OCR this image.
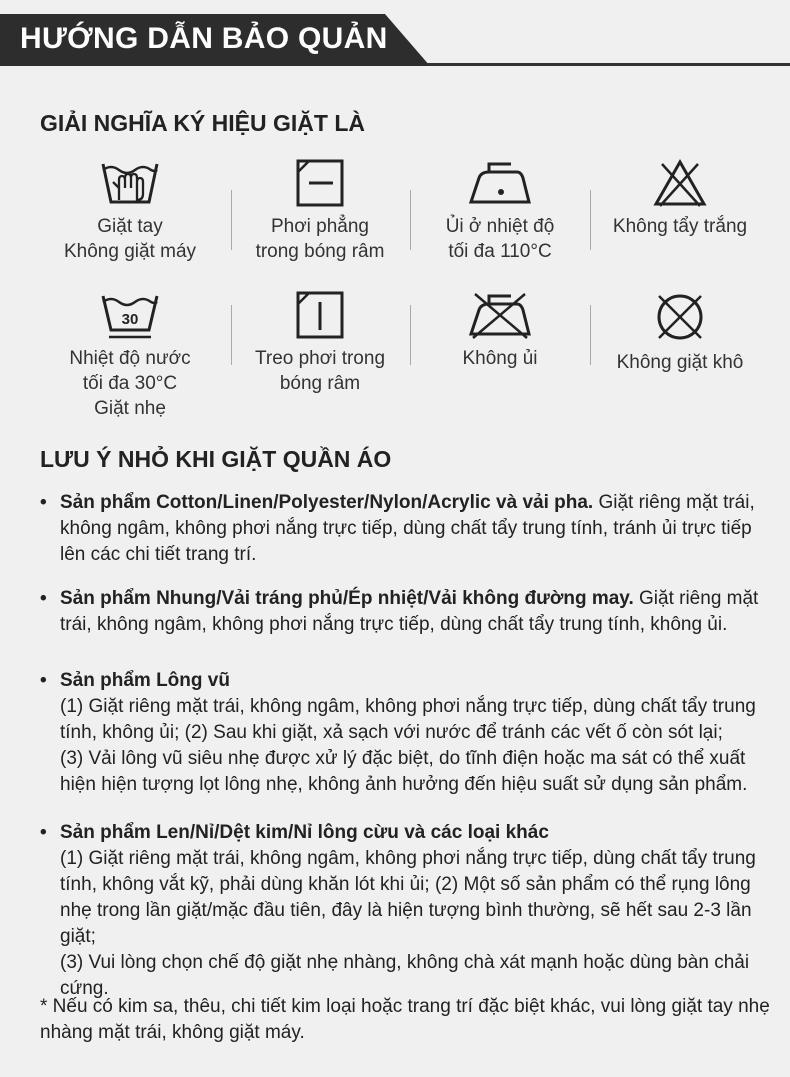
HƯỚNG DẪN BẢO QUẢN
GIẢI NGHĨA KÝ HIỆU GIẶT LÀ
Giặt tay
Không giặt máy
Phơi phẳng
trong bóng râm
Ủi ở nhiệt độ
tối đa 110°C
Không tẩy trắng
30
Nhiệt độ nước
tối đa 30°C
Giặt nhẹ
Treo phơi trong
bóng râm
Không ủi	Không giặt khô
LƯU Ý NHỎ KHI GIẶT QUẦN ÁO
• Sản phẩm Cotton/Linen/Polyester/Nylon/Acrylic và vải pha. Giặt riêng mặt trái, không ngâm, không phơi nắng trực tiếp, dùng chất tẩy trung tính, tránh ủi trực tiếp lên các chi tiết trang trí.
• Sản phẩm Nhung/Vải tráng phủ/Ép nhiệt/Vải không đường may. Giặt riêng mặt trái, không ngâm, không phơi nắng trực tiếp, dùng chất tẩy trung tính, không ủi.
• Sản phẩm Lông vũ
(1) Giặt riêng mặt trái, không ngâm, không phơi nắng trực tiếp, dùng chất tẩy trung tính, không ủi; (2) Sau khi giặt, xả sạch với nước để tránh các vết ố còn sót lại;
(3) Vải lông vũ siêu nhẹ được xử lý đặc biệt, do tĩnh điện hoặc ma sát có thể xuất hiện hiện tượng lọt lông nhẹ, không ảnh hưởng đến hiệu suất sử dụng sản phẩm.
• Sản phẩm Len/Nỉ/Dệt kim/Nỉ lông cừu và các loại khác
(1) Giặt riêng mặt trái, không ngâm, không phơi nắng trực tiếp, dùng chất tẩy trung tính, không vắt kỹ, phải dùng khăn lót khi ủi; (2) Một số sản phẩm có thể rụng lông nhẹ trong lần giặt/mặc đầu tiên, đây là hiện tượng bình thường, sẽ hết sau 2-3 lần giặt;
(3) Vui lòng chọn chế độ giặt nhẹ nhàng, không chà xát mạnh hoặc dùng bàn chải cứng.
* Nếu có kim sa, thêu, chi tiết kim loại hoặc trang trí đặc biệt khác, vui lòng giặt tay nhẹ nhàng mặt trái, không giặt máy.
